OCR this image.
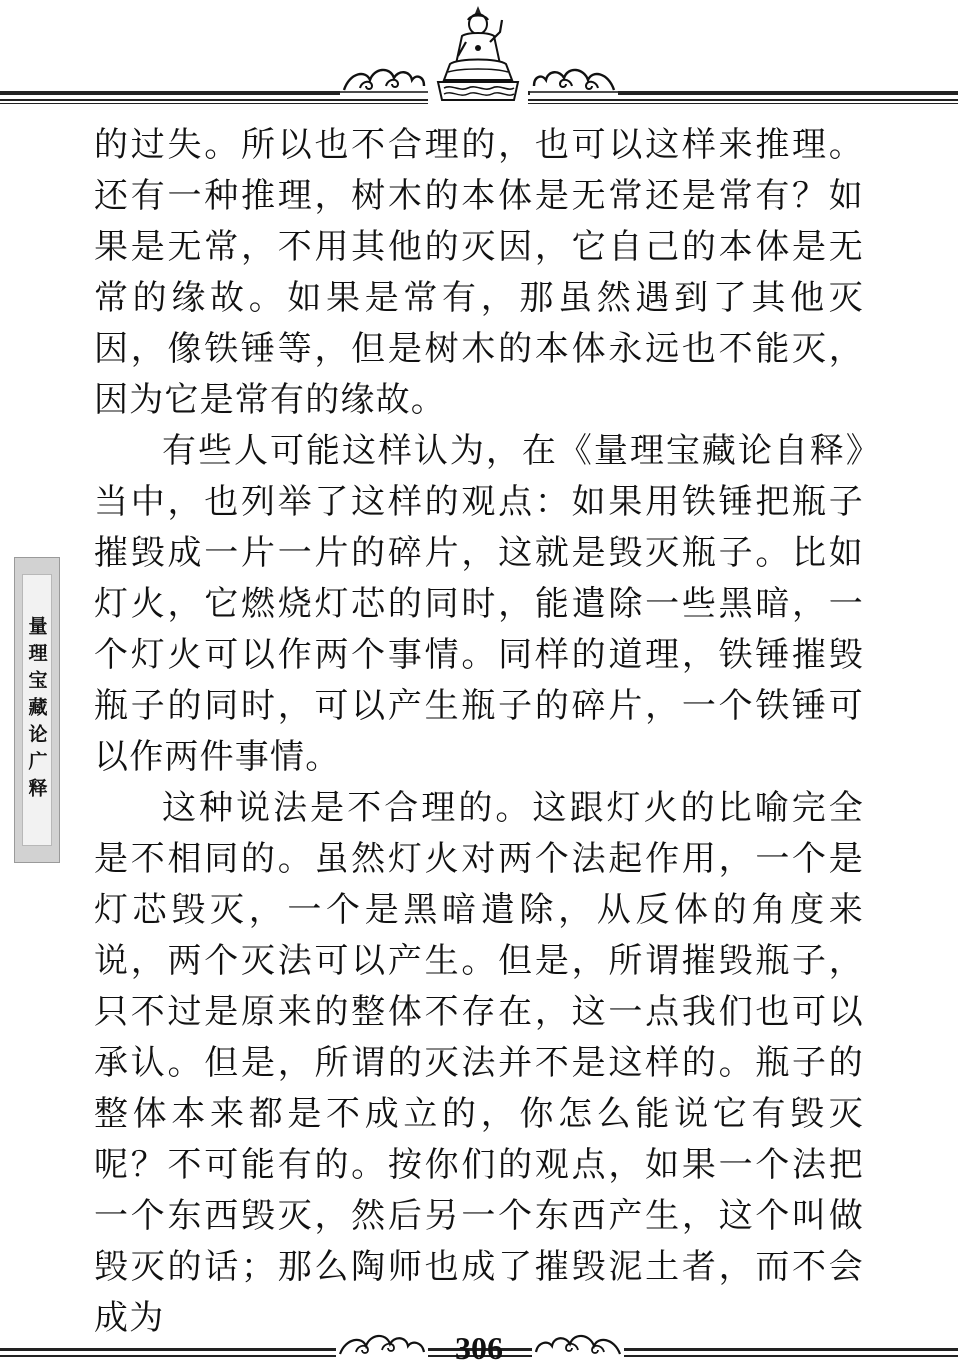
量理宝藏论广释

的过失。所以也不合理的，也可以这样来推理。还有一种推理，树木的本体是无常还是常有？如果是无常，不用其他的灭因，它自己的本体是无常的缘故。如果是常有，那虽然遇到了其他灭因，像铁锤等，但是树木的本体永远也不能灭，因为它是常有的缘故。

有些人可能这样认为，在《量理宝藏论自释》当中，也列举了这样的观点：如果用铁锤把瓶子摧毁成一片一片的碎片，这就是毁灭瓶子。比如灯火，它燃烧灯芯的同时，能遣除一些黑暗，一个灯火可以作两个事情。同样的道理，铁锤摧毁瓶子的同时，可以产生瓶子的碎片，一个铁锤可以作两件事情。

这种说法是不合理的。这跟灯火的比喻完全是不相同的。虽然灯火对两个法起作用，一个是灯芯毁灭，一个是黑暗遣除，从反体的角度来说，两个灭法可以产生。但是，所谓摧毁瓶子，只不过是原来的整体不存在，这一点我们也可以承认。但是，所谓的灭法并不是这样的。瓶子的整体本来都是不成立的，你怎么能说它有毁灭呢？不可能有的。按你们的观点，如果一个法把一个东西毁灭，然后另一个东西产生，这个叫做毁灭的话；那么陶师也成了摧毁泥土者，而不会成为

306
